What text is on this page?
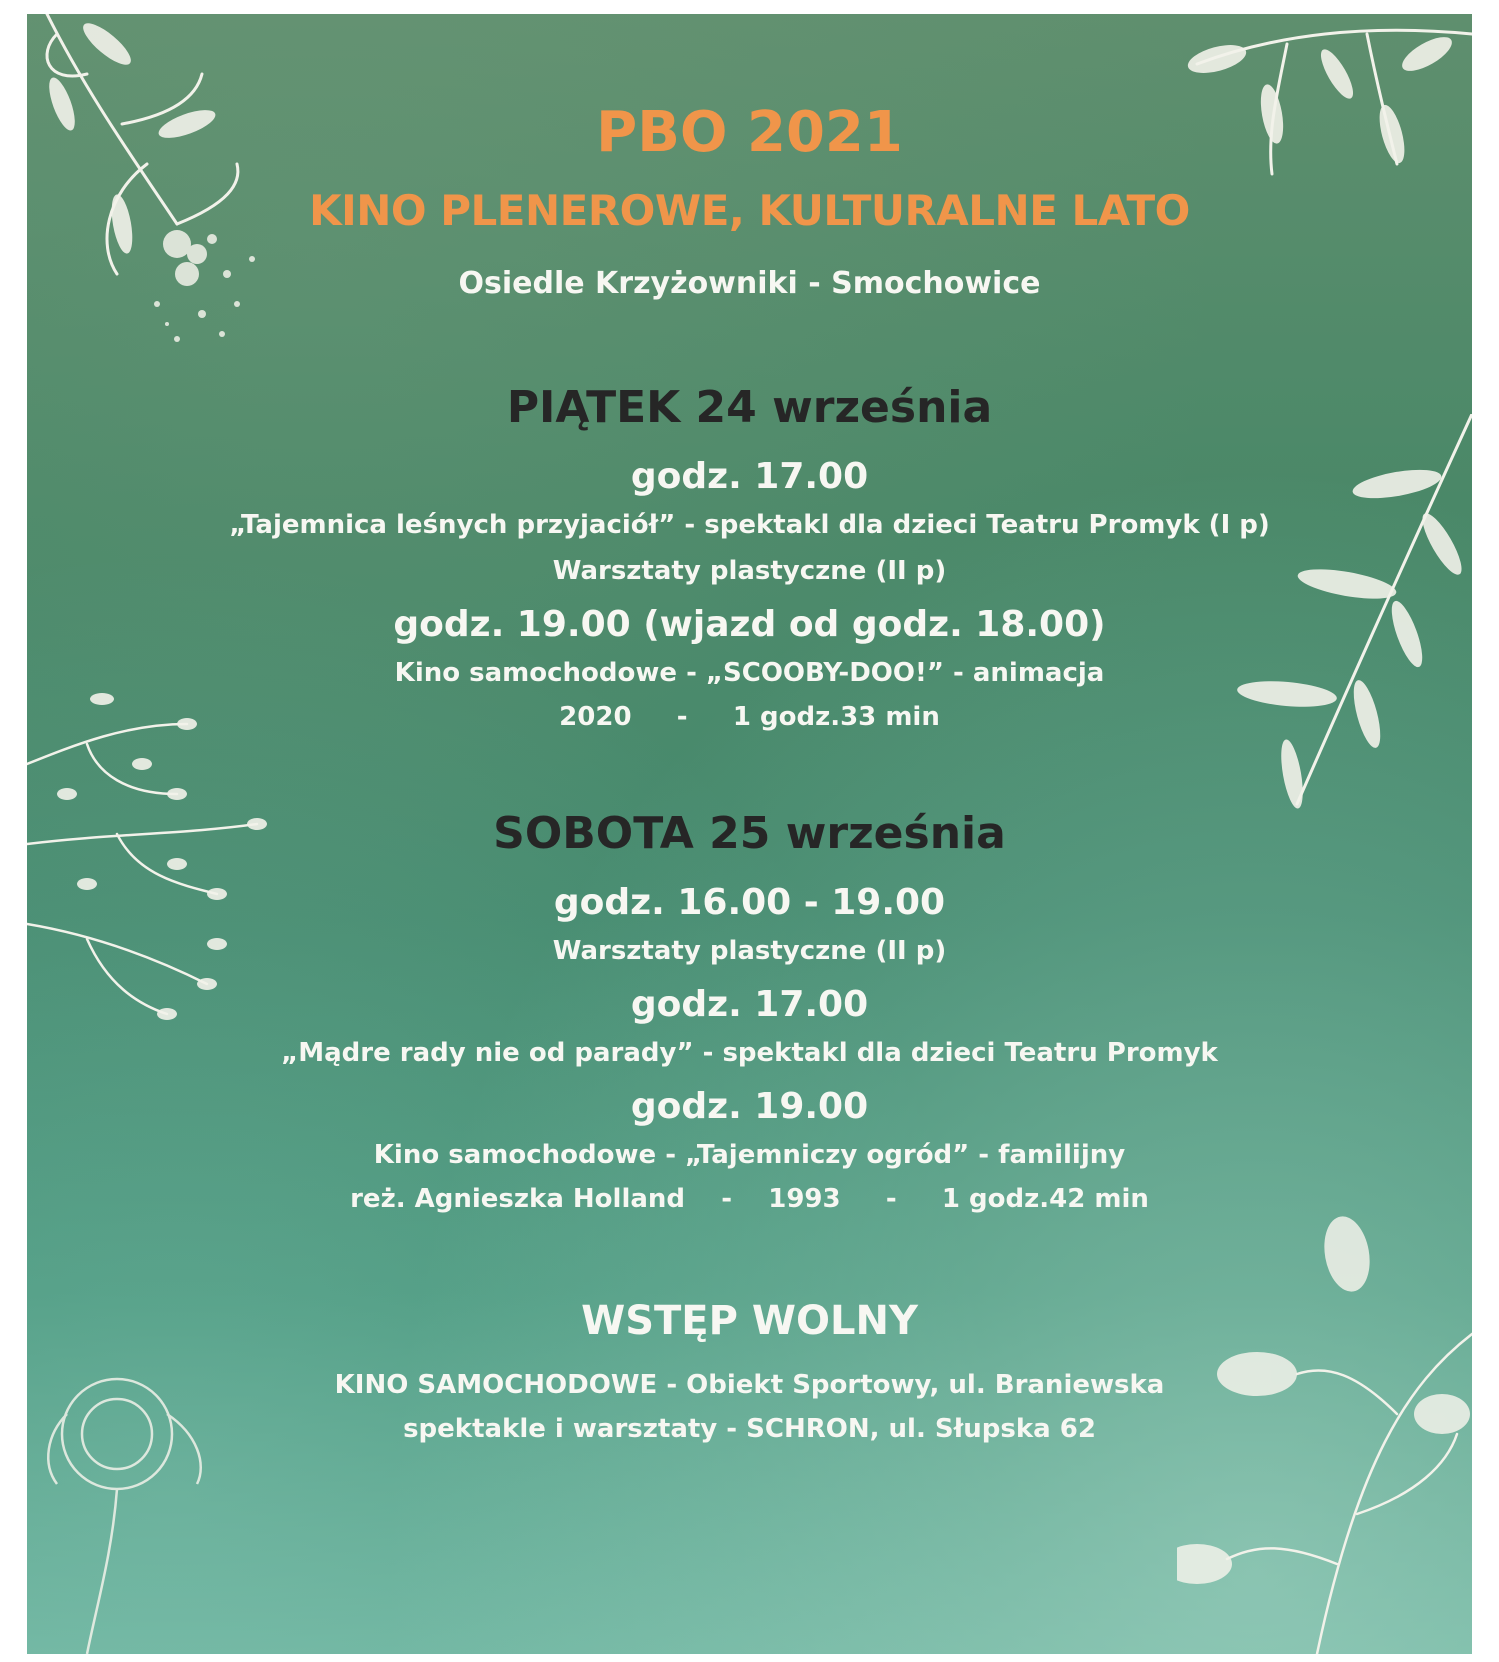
PBO 2021
KINO PLENEROWE, KULTURALNE LATO
Osiedle Krzyżowniki - Smochowice
PIĄTEK 24 września
godz. 17.00
„Tajemnica leśnych przyjaciół” - spektakl dla dzieci Teatru Promyk (I p)
Warsztaty plastyczne (II p)
godz. 19.00 (wjazd od godz. 18.00)
Kino samochodowe - „SCOOBY-DOO!” - animacja
2020     -     1 godz.33 min
SOBOTA 25 września
godz. 16.00 - 19.00
Warsztaty plastyczne (II p)
godz. 17.00
„Mądre rady nie od parady” - spektakl dla dzieci Teatru Promyk
godz. 19.00
Kino samochodowe - „Tajemniczy ogród” - familijny
reż. Agnieszka Holland    -    1993     -     1 godz.42 min
WSTĘP WOLNY
KINO SAMOCHODOWE - Obiekt Sportowy, ul. Braniewska
spektakle i warsztaty - SCHRON, ul. Słupska 62
